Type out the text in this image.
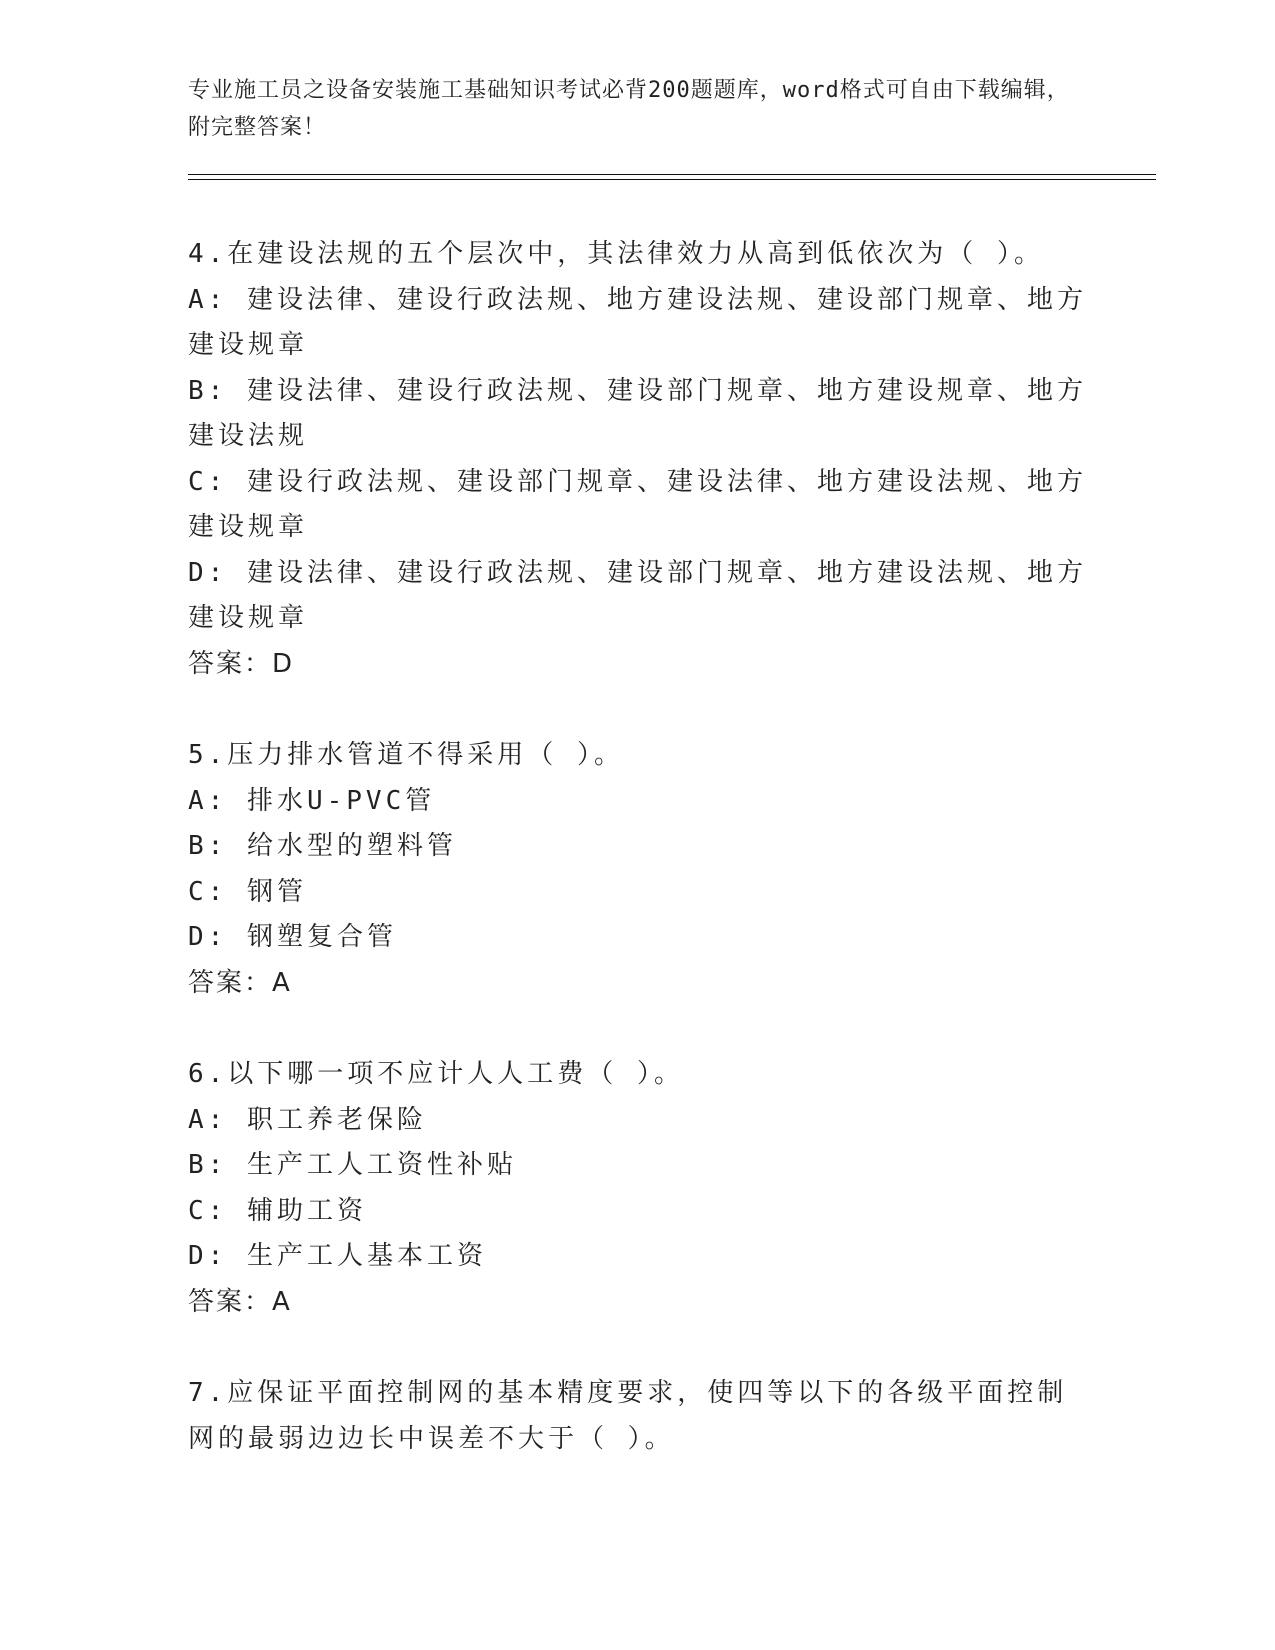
专业施工员之设备安装施工基础知识考试必背200题题库，word格式可自由下载编辑，附完整答案！
4.在建设法规的五个层次中，其法律效力从高到低依次为（ ）。
A: 建设法律、建设行政法规、地方建设法规、建设部门规章、地方建设规章
B: 建设法律、建设行政法规、建设部门规章、地方建设规章、地方建设法规
C: 建设行政法规、建设部门规章、建设法律、地方建设法规、地方建设规章
D: 建设法律、建设行政法规、建设部门规章、地方建设法规、地方建设规章
答案：D
5.压力排水管道不得采用（ ）。
A: 排水U-PVC管
B: 给水型的塑料管
C: 钢管
D: 钢塑复合管
答案：A
6.以下哪一项不应计人人工费（ ）。
A: 职工养老保险
B: 生产工人工资性补贴
C: 辅助工资
D: 生产工人基本工资
答案：A
7.应保证平面控制网的基本精度要求，使四等以下的各级平面控制网的最弱边边长中误差不大于（ ）。
